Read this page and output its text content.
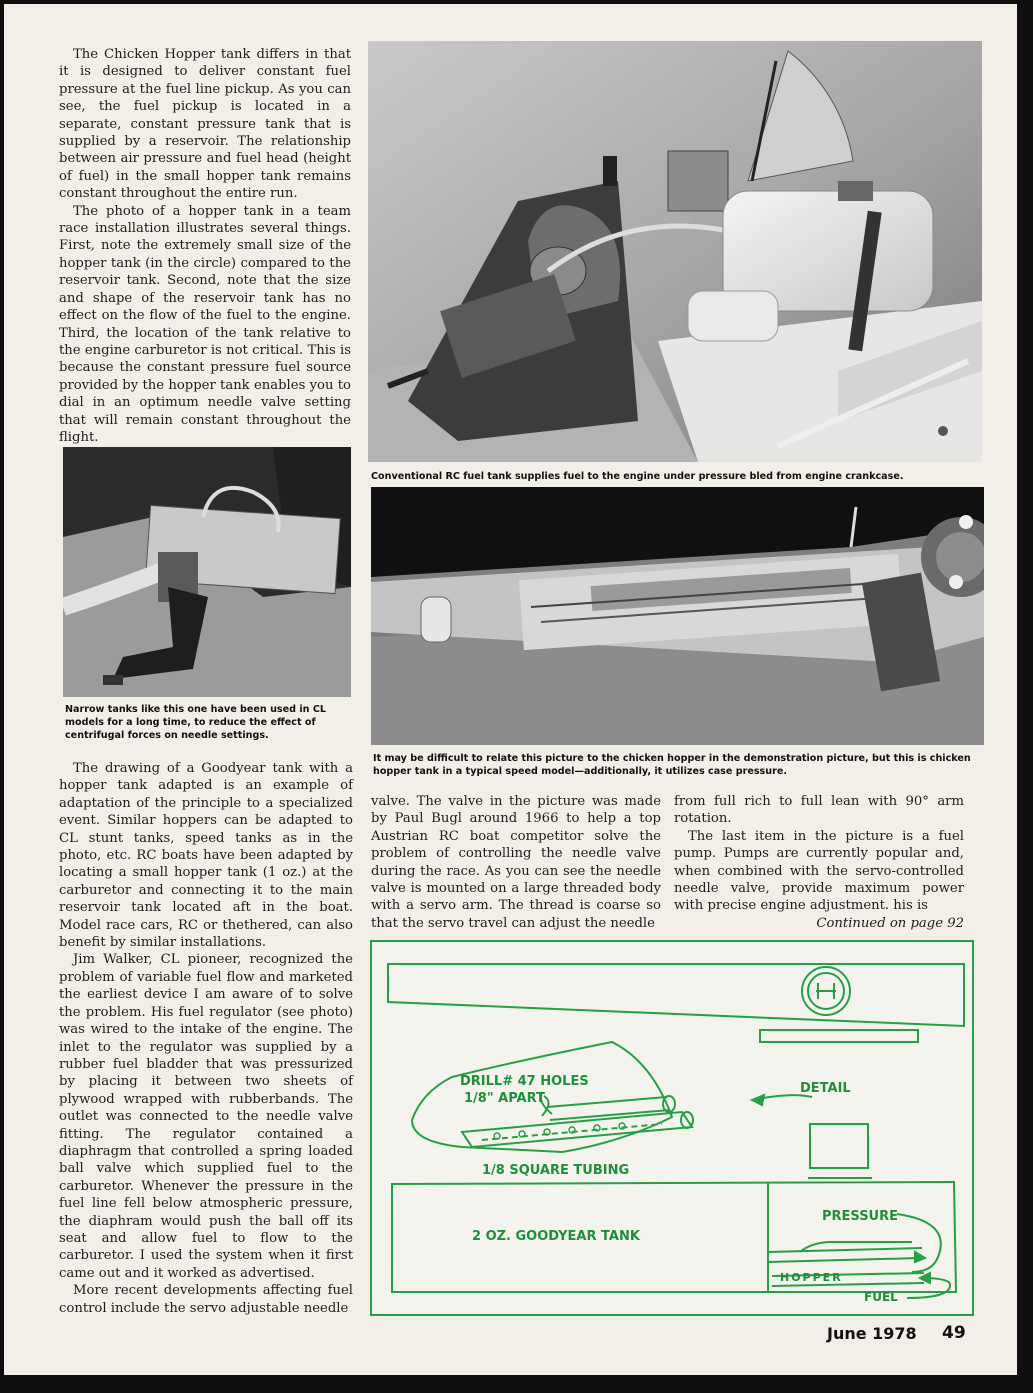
The Chicken Hopper tank differs in that it is designed to deliver constant fuel pressure at the fuel line pickup. As you can see, the fuel pickup is located in a separate, constant pressure tank that is supplied by a reservoir. The relationship between air pressure and fuel head (height of fuel) in the small hopper tank remains constant throughout the entire run.

The photo of a hopper tank in a team race installation illustrates several things. First, note the extremely small size of the hopper tank (in the circle) compared to the reservoir tank. Second, note that the size and shape of the reservoir tank has no effect on the flow of the fuel to the engine. Third, the location of the tank relative to the engine carburetor is not critical. This is because the constant pressure fuel source provided by the hopper tank enables you to dial in an optimum needle valve setting that will remain constant throughout the flight.

Conventional RC fuel tank supplies fuel to the engine under pressure bled from engine crankcase.
Narrow tanks like this one have been used in CL models for a long time, to reduce the effect of centrifugal forces on needle settings.
It may be difficult to relate this picture to the chicken hopper in the demonstration picture, but this is chicken hopper tank in a typical speed model—additionally, it utilizes case pressure.

The drawing of a Goodyear tank with a hopper tank adapted is an example of adaptation of the principle to a specialized event. Similar hoppers can be adapted to CL stunt tanks, speed tanks as in the photo, etc. RC boats have been adapted by locating a small hopper tank (1 oz.) at the carburetor and connecting it to the main reservoir tank located aft in the boat. Model race cars, RC or thethered, can also benefit by similar installations.

Jim Walker, CL pioneer, recognized the problem of variable fuel flow and marketed the earliest device I am aware of to solve the problem. His fuel regulator (see photo) was wired to the intake of the engine. The inlet to the regulator was supplied by a rubber fuel bladder that was pressurized by placing it between two sheets of plywood wrapped with rubberbands. The outlet was connected to the needle valve fitting. The regulator contained a diaphragm that controlled a spring loaded ball valve which supplied fuel to the carburetor. Whenever the pressure in the fuel line fell below atmospheric pressure, the diaphram would push the ball off its seat and allow fuel to flow to the carburetor. I used the system when it first came out and it worked as advertised.

More recent developments affecting fuel control include the servo adjustable needle

valve. The valve in the picture was made by Paul Bugl around 1966 to help a top Austrian RC boat competitor solve the problem of controlling the needle valve during the race. As you can see the needle valve is mounted on a large threaded body with a servo arm. The thread is coarse so that the servo travel can adjust the needle

from full rich to full lean with 90° arm rotation.

The last item in the picture is a fuel pump. Pumps are currently popular and, when combined with the servo-controlled needle valve, provide maximum power with precise engine adjustment. his is

Continued on page 92
DRILL# 47 HOLES
1/8" APART
DETAIL
1/8 SQUARE TUBING
2 OZ. GOODYEAR TANK
PRESSURE
HOPPER
FUEL
June 1978 49
